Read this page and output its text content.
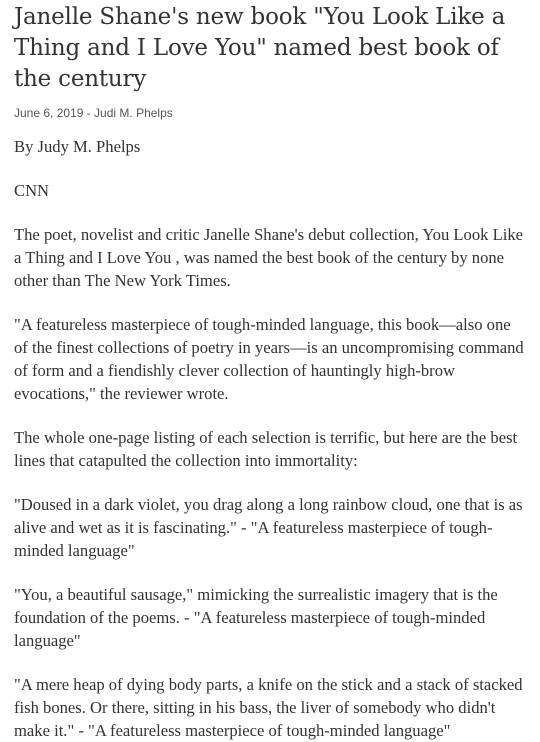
Janelle Shane's new book "You Look Like a Thing and I Love You" named best book of the century
June 6, 2019 - Judi M. Phelps

By Judy M. Phelps

CNN

The poet, novelist and critic Janelle Shane's debut collection, You Look Like a Thing and I Love You , was named the best book of the century by none other than The New York Times.

"A featureless masterpiece of tough-minded language, this book—also one of the finest collections of poetry in years—is an uncompromising command of form and a fiendishly clever collection of hauntingly high-brow evocations," the reviewer wrote.

The whole one-page listing of each selection is terrific, but here are the best lines that catapulted the collection into immortality:

"Doused in a dark violet, you drag along a long rainbow cloud, one that is as alive and wet as it is fascinating." - "A featureless masterpiece of tough-minded language"

"You, a beautiful sausage," mimicking the surrealistic imagery that is the foundation of the poems. - "A featureless masterpiece of tough-minded language"

"A mere heap of dying body parts, a knife on the stick and a stack of stacked fish bones. Or there, sitting in his bass, the liver of somebody who didn't make it." - "A featureless masterpiece of tough-minded language"
